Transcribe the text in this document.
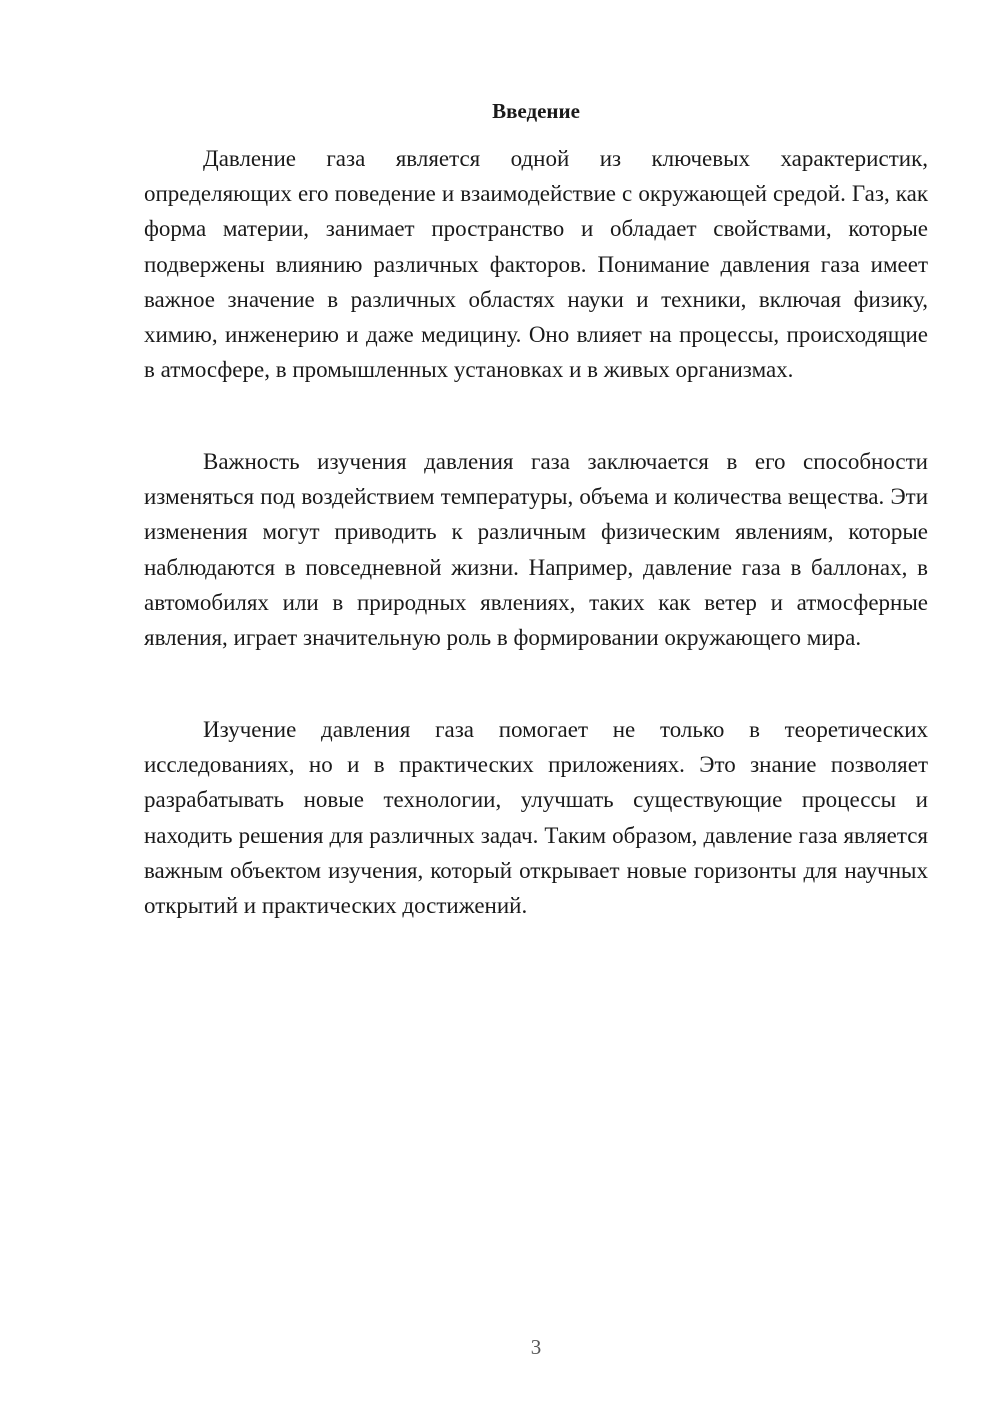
Введение

Давление газа является одной из ключевых характеристик, определяющих его поведение и взаимодействие с окружающей средой. Газ, как форма материи, занимает пространство и обладает свойствами, которые подвержены влиянию различных факторов. Понимание давления газа имеет важное значение в различных областях науки и техники, включая физику, химию, инженерию и даже медицину. Оно влияет на процессы, происходящие в атмосфере, в промышленных установках и в живых организмах.

Важность изучения давления газа заключается в его способности изменяться под воздействием температуры, объема и количества вещества. Эти изменения могут приводить к различным физическим явлениям, которые наблюдаются в повседневной жизни. Например, давление газа в баллонах, в автомобилях или в природных явлениях, таких как ветер и атмосферные явления, играет значительную роль в формировании окружающего мира.

Изучение давления газа помогает не только в теоретических исследованиях, но и в практических приложениях. Это знание позволяет разрабатывать новые технологии, улучшать существующие процессы и находить решения для различных задач. Таким образом, давление газа является важным объектом изучения, который открывает новые горизонты для научных открытий и практических достижений.

3
